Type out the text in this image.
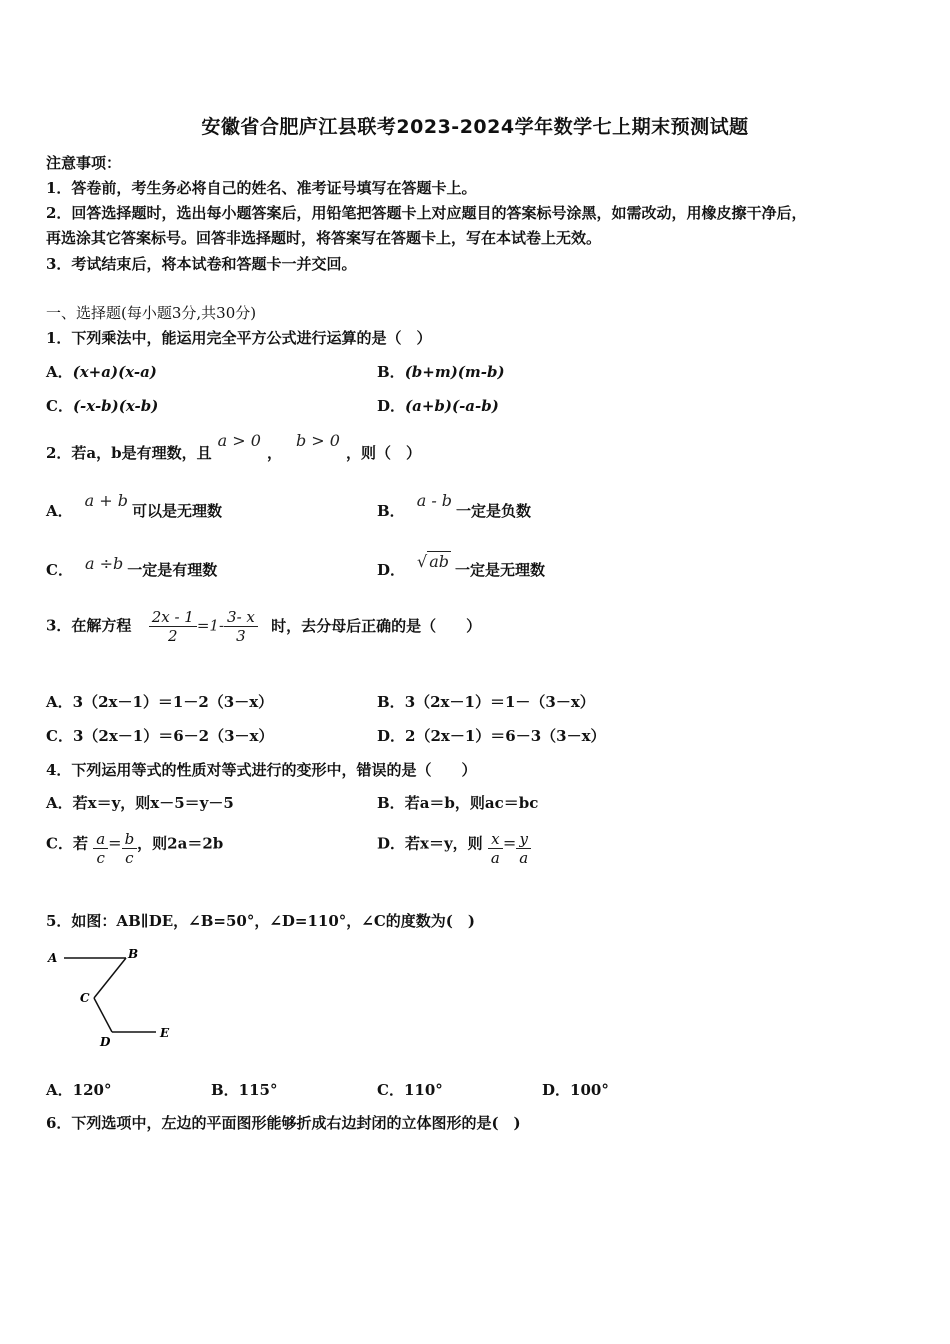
安徽省合肥庐江县联考2023-2024学年数学七上期末预测试题
注意事项：
1．答卷前，考生务必将自己的姓名、准考证号填写在答题卡上。
2．回答选择题时，选出每小题答案后，用铅笔把答题卡上对应题目的答案标号涂黑，如需改动，用橡皮擦干净后，
再选涂其它答案标号。回答非选择题时，将答案写在答题卡上，写在本试卷上无效。
3．考试结束后，将本试卷和答题卡一并交回。
一、选择题(每小题3分,共30分)
1．下列乘法中，能运用完全平方公式进行运算的是（　）
A．(x+a)(x-a)	B．(b+m)(m-b)
C．(-x-b)(x-b)	D．(a+b)(-a-b)
2．若a，b是有理数，且a > 0，b > 0，则（　）
A．a + b可以是无理数	B．a - b一定是负数
C． a ÷b 一定是有理数	D． √ ab 一定是无理数
3．在解方程 $\frac{2x - 1}{2} =1- \frac{3- x}{3}$ 时，去分母后正确的是（　　）
A．3（2x－1）＝1－2（3－x）	B．3（2x－1）＝1－（3－x）
C．3（2x－1）＝6－2（3－x）	D．2（2x－1）＝6－3（3－x）
4．下列运用等式的性质对等式进行的变形中，错误的是（　　）
A．若x＝y，则x－5＝y－5	B．若a＝b，则ac＝bc
C．若 $\frac{a}{c} = \frac{b}{c}$ ，则2a＝2b	D．若x＝y，则 $\frac{x}{a} = \frac{y}{a}$
5．如图：AB∥DE，∠B=50°，∠D=110°，∠C的度数为(　)
A	B
C
D
E
A．120°	B．115°	C．110°	D．100°
6．下列选项中，左边的平面图形能够折成右边封闭的立体图形的是(　)
